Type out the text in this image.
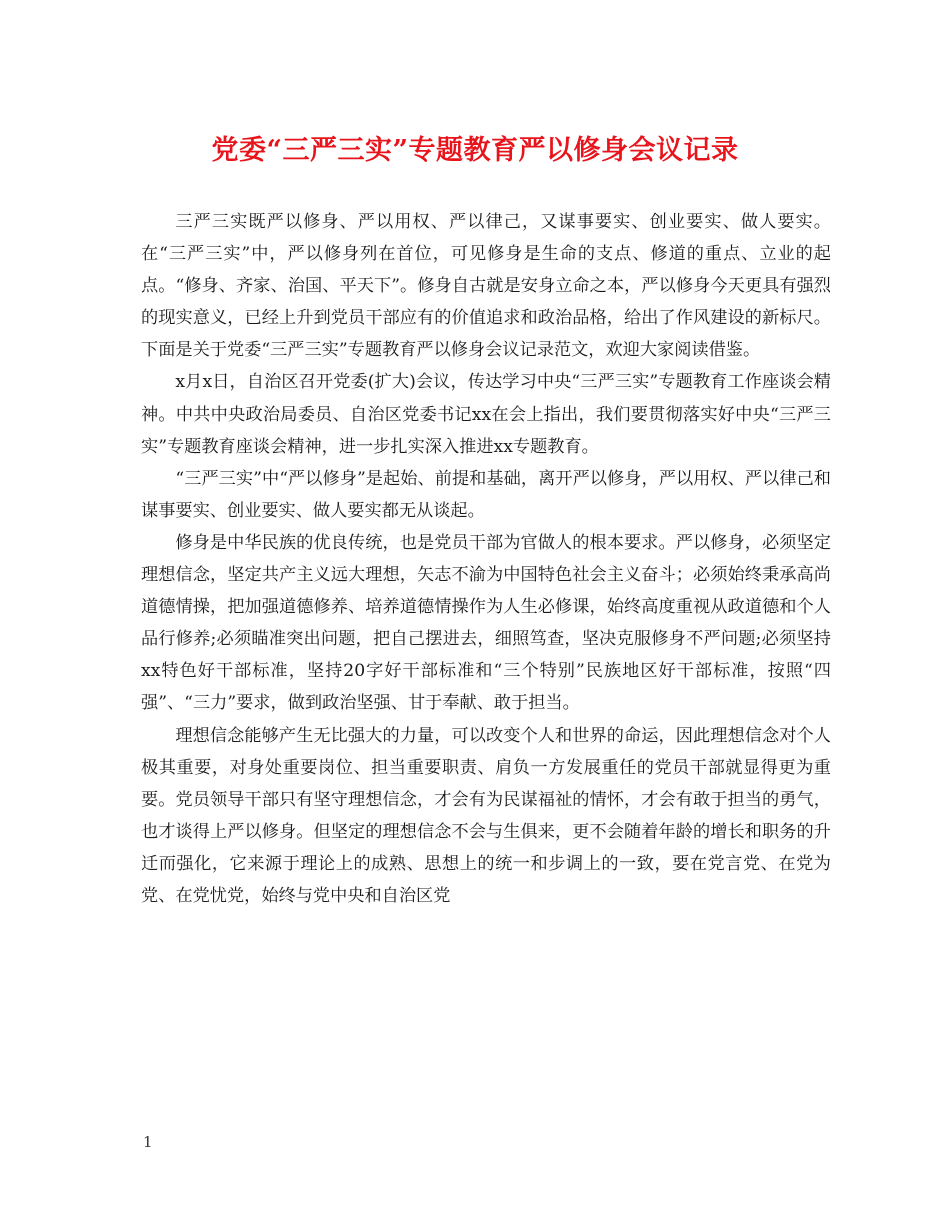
党委“三严三实”专题教育严以修身会议记录

三严三实既严以修身、严以用权、严以律己，又谋事要实、创业要实、做人要实。在“三严三实”中，严以修身列在首位，可见修身是生命的支点、修道的重点、立业的起点。“修身、齐家、治国、平天下”。修身自古就是安身立命之本，严以修身今天更具有强烈的现实意义，已经上升到党员干部应有的价值追求和政治品格，给出了作风建设的新标尺。下面是关于党委“三严三实”专题教育严以修身会议记录范文，欢迎大家阅读借鉴。

x月x日，自治区召开党委(扩大)会议，传达学习中央“三严三实”专题教育工作座谈会精神。中共中央政治局委员、自治区党委书记xx在会上指出，我们要贯彻落实好中央“三严三实”专题教育座谈会精神，进一步扎实深入推进xx专题教育。

“三严三实”中“严以修身”是起始、前提和基础，离开严以修身，严以用权、严以律己和谋事要实、创业要实、做人要实都无从谈起。

修身是中华民族的优良传统，也是党员干部为官做人的根本要求。严以修身，必须坚定理想信念，坚定共产主义远大理想，矢志不渝为中国特色社会主义奋斗；必须始终秉承高尚道德情操，把加强道德修养、培养道德情操作为人生必修课，始终高度重视从政道德和个人品行修养;必须瞄准突出问题，把自己摆进去，细照笃查，坚决克服修身不严问题;必须坚持xx特色好干部标准，坚持20字好干部标准和“三个特别”民族地区好干部标准，按照“四强”、“三力”要求，做到政治坚强、甘于奉献、敢于担当。

理想信念能够产生无比强大的力量，可以改变个人和世界的命运，因此理想信念对个人极其重要，对身处重要岗位、担当重要职责、肩负一方发展重任的党员干部就显得更为重要。党员领导干部只有坚守理想信念，才会有为民谋福祉的情怀，才会有敢于担当的勇气，也才谈得上严以修身。但坚定的理想信念不会与生俱来，更不会随着年龄的增长和职务的升迁而强化，它来源于理论上的成熟、思想上的统一和步调上的一致，要在党言党、在党为党、在党忧党，始终与党中央和自治区党

1
